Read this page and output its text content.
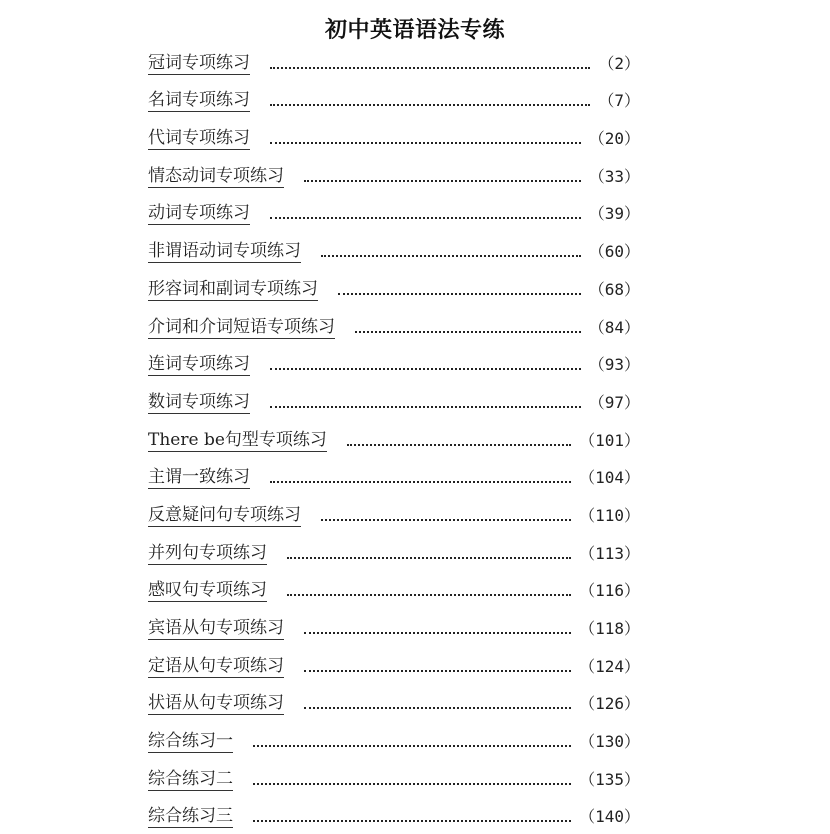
初中英语语法专练
冠词专项练习	（2）
名词专项练习	（7）
代词专项练习	（20）
情态动词专项练习	（33）
动词专项练习	（39）
非谓语动词专项练习	（60）
形容词和副词专项练习	（68）
介词和介词短语专项练习	（84）
连词专项练习	（93）
数词专项练习	（97）
There be句型专项练习	（101）
主谓一致练习	（104）
反意疑问句专项练习	（110）
并列句专项练习	（113）
感叹句专项练习	（116）
宾语从句专项练习	（118）
定语从句专项练习	（124）
状语从句专项练习	（126）
综合练习一	（130）
综合练习二	（135）
综合练习三	（140）
